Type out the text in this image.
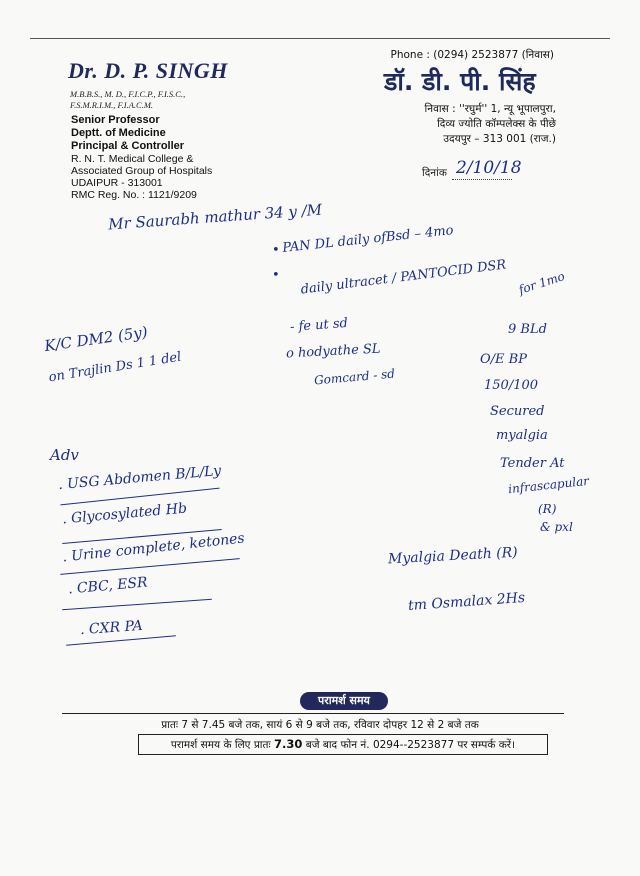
Dr. D. P. SINGH
M.B.B.S., M. D., F.I.C.P., F.I.S.C.,
F.S.M.R.I.M., F.I.A.C.M.
Senior Professor
Deptt. of Medicine
Principal & Controller
R. N. T. Medical College &
Associated Group of Hospitals
UDAIPUR - 313001
RMC Reg. No. : 1121/9209
Phone : (0294) 2523877 (निवास)
डॉ. डी. पी. सिंह
निवास : ''रघुर्म'' 1, न्यू भूपालपुरा,
दिव्य ज्योति कॉम्पलेक्स के पीछे
उदयपुर – 313 001 (राज.)
दिनांक 2/10/18
Mr Saurabh mathur 34 y /M
PAN DL daily ofBsd – 4mo
•
daily ultracet / PANTOCID DSR
•	for 1mo
- fe ut sd
o hodyathe SL
Gomcard - sd
K/C DM2 (5y)
on Trajlin Ds 1 1 del
9 BLd
O/E BP
150/100
Secured
myalgia
Tender At
infrascapular
(R)
& pxl
Adv
. USG Abdomen B/L/Ly
. Glycosylated Hb
. Urine complete, ketones
. CBC, ESR
. CXR PA
Myalgia Death (R)
tm Osmalax 2Hs
परामर्श समय
प्रातः 7 से 7.45 बजे तक, सायं 6 से 9 बजे तक, रविवार दोपहर 12 से 2 बजे तक
परामर्श समय के लिए प्रातः 7.30 बजे बाद फोन नं. 0294--2523877 पर सम्पर्क करें।
